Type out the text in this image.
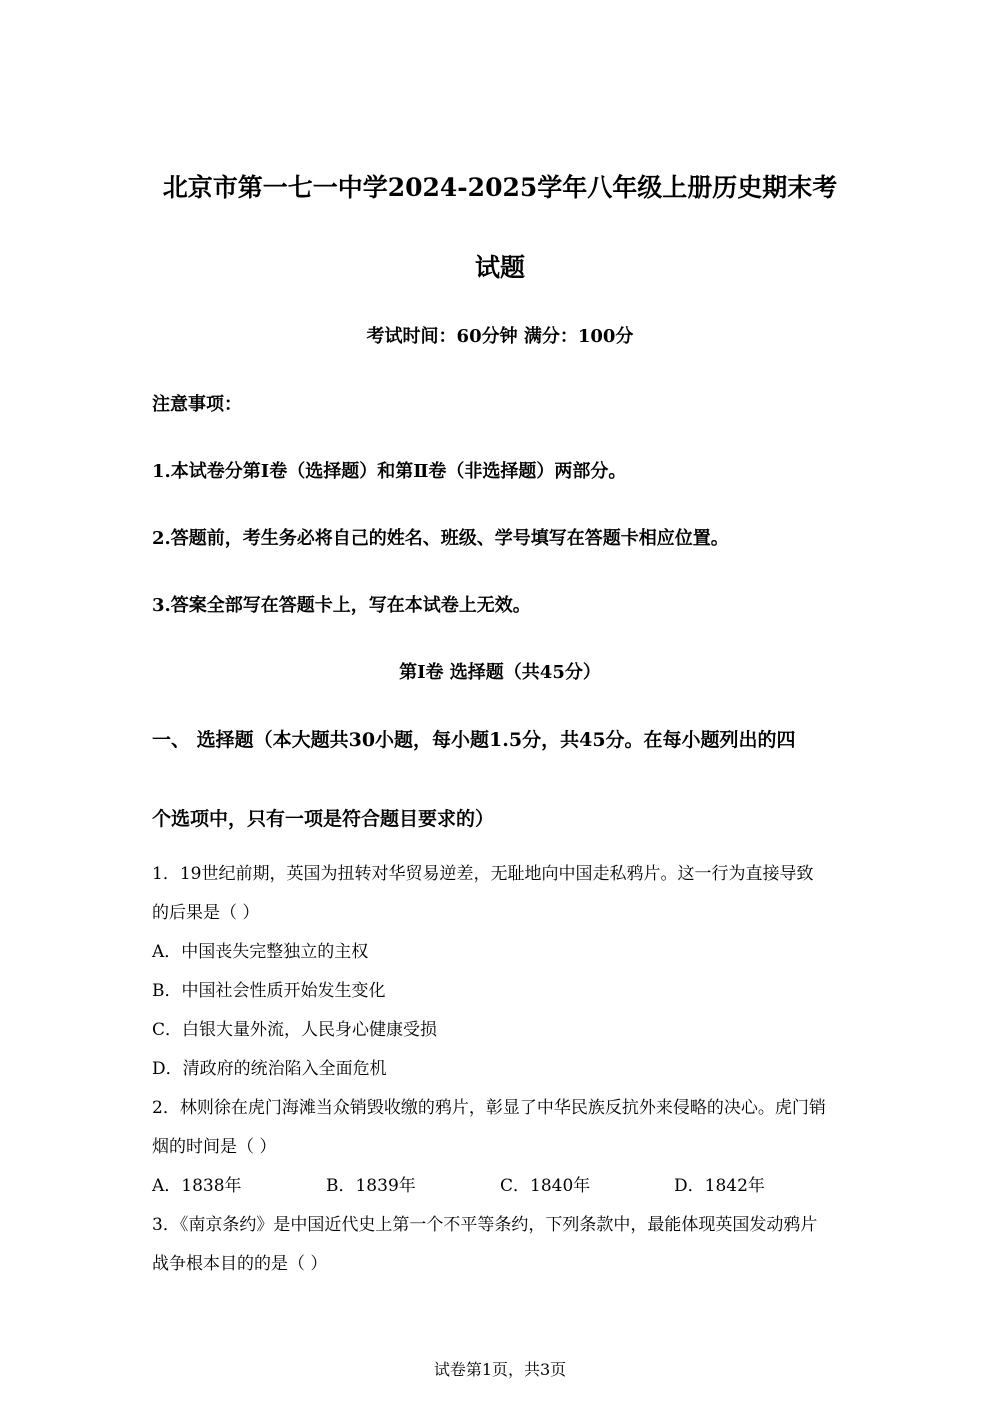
北京市第一七一中学2024-2025学年八年级上册历史期末考
试题
考试时间：60分钟 满分：100分
注意事项：
1.本试卷分第Ⅰ卷（选择题）和第Ⅱ卷（非选择题）两部分。
2.答题前，考生务必将自己的姓名、班级、学号填写在答题卡相应位置。
3.答案全部写在答题卡上，写在本试卷上无效。
第Ⅰ卷 选择题（共45分）
一、 选择题（本大题共30小题，每小题1.5分，共45分。在每小题列出的四
个选项中，只有一项是符合题目要求的）
1．19世纪前期，英国为扭转对华贸易逆差，无耻地向中国走私鸦片。这一行为直接导致
的后果是（ ）
A．中国丧失完整独立的主权
B．中国社会性质开始发生变化
C．白银大量外流，人民身心健康受损
D．清政府的统治陷入全面危机
2．林则徐在虎门海滩当众销毁收缴的鸦片，彰显了中华民族反抗外来侵略的决心。虎门销
烟的时间是（ ）
A．1838年	B．1839年	C．1840年	D．1842年
3．《南京条约》是中国近代史上第一个不平等条约，下列条款中，最能体现英国发动鸦片
战争根本目的的是（ ）
试卷第1页，共3页
